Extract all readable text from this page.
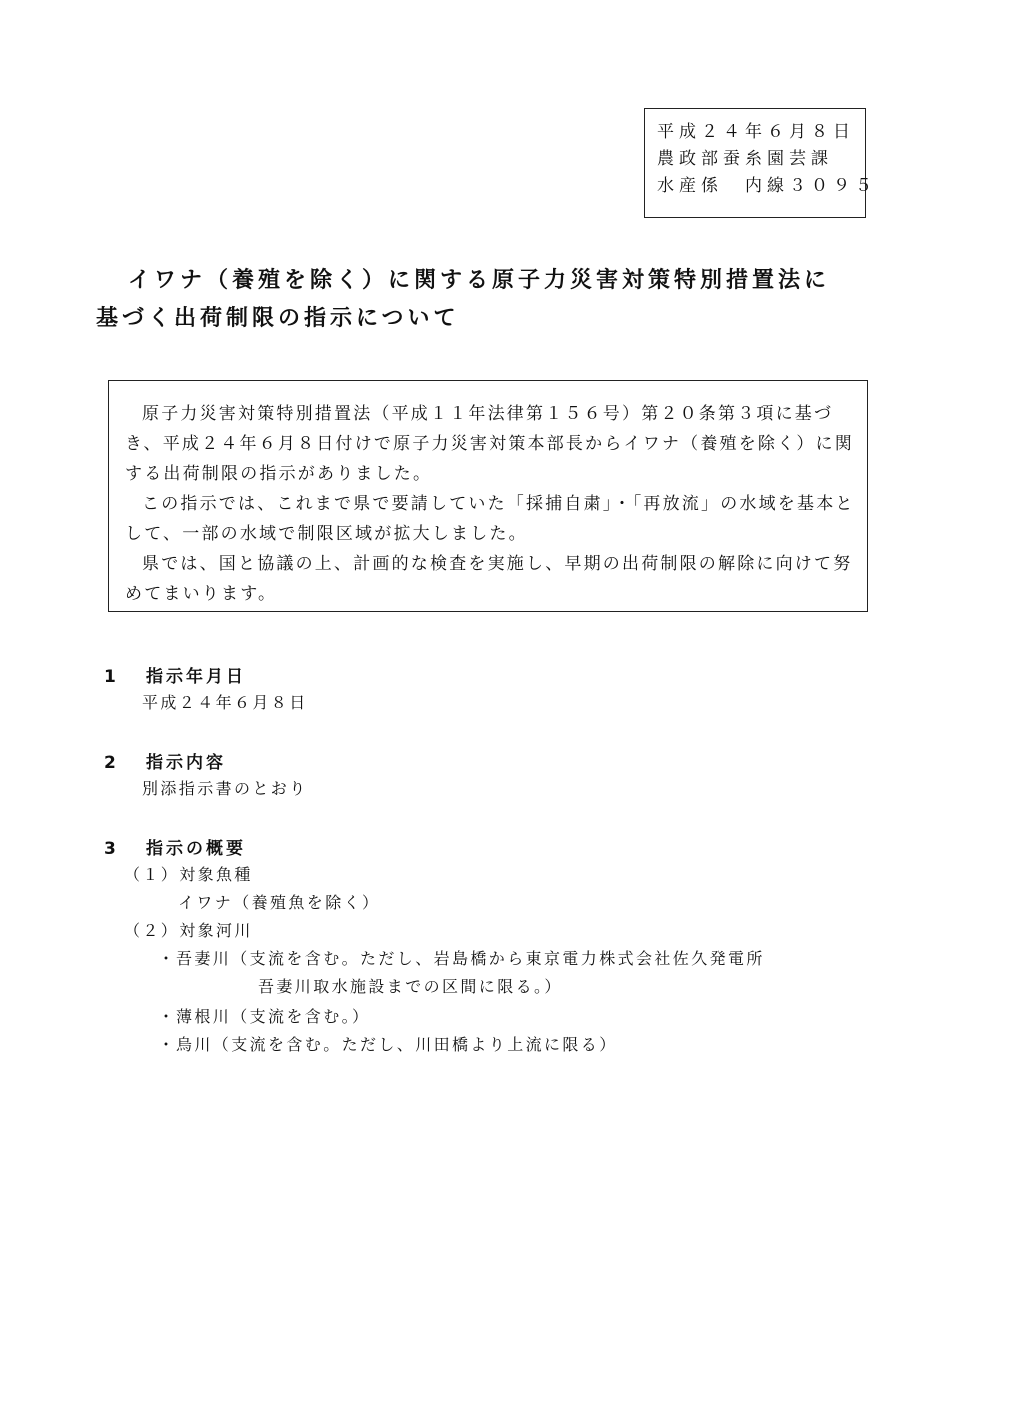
平成２４年６月８日
農政部蚕糸園芸課
水産係　内線３０９５
イワナ（養殖を除く）に関する原子力災害対策特別措置法に
基づく出荷制限の指示について

原子力災害対策特別措置法（平成１１年法律第１５６号）第２０条第３項に基づき、平成２４年６月８日付けで原子力災害対策本部長からイワナ（養殖を除く）に関する出荷制限の指示がありました。

この指示では、これまで県で要請していた「採捕自粛」・「再放流」の水域を基本として、一部の水域で制限区域が拡大しました。

県では、国と協議の上、計画的な検査を実施し、早期の出荷制限の解除に向けて努めてまいります。

1 指示年月日
平成２４年６月８日
2 指示内容
別添指示書のとおり
3 指示の概要
（１）対象魚種
イワナ（養殖魚を除く）
（２）対象河川
・吾妻川（支流を含む。ただし、岩島橋から東京電力株式会社佐久発電所
吾妻川取水施設までの区間に限る。）
・薄根川（支流を含む。）
・烏川（支流を含む。ただし、川田橋より上流に限る）
